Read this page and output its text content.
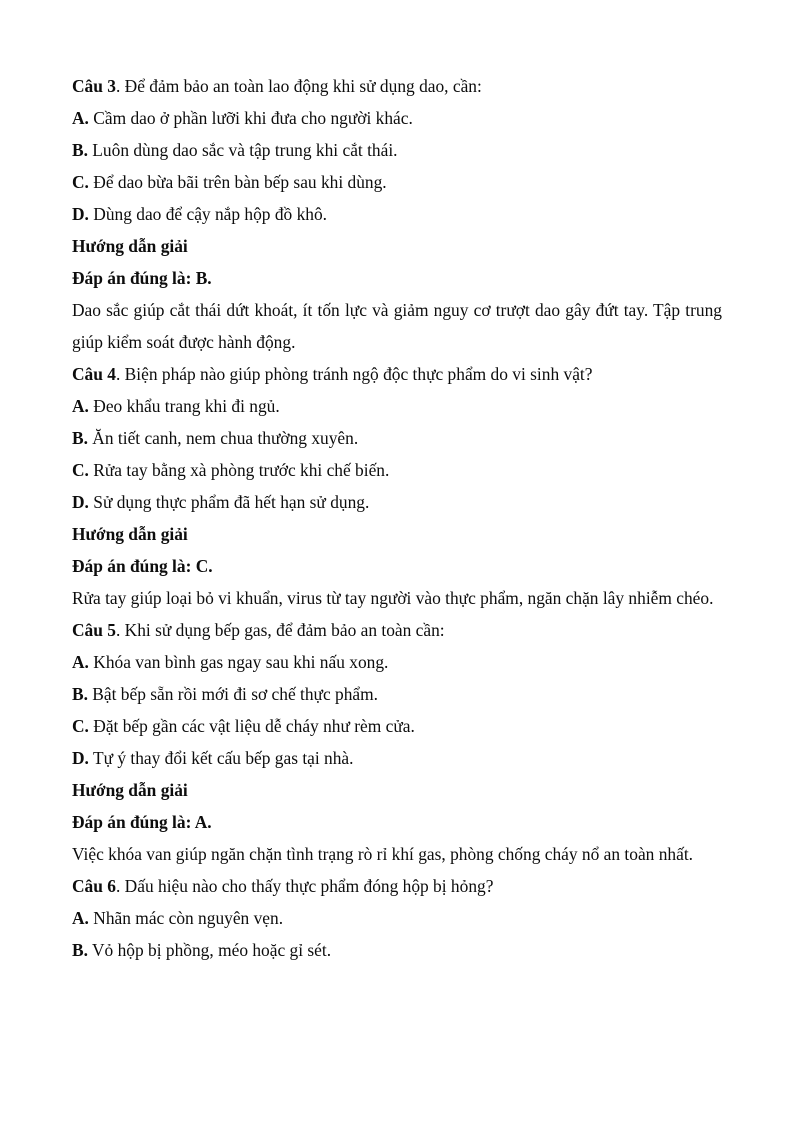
Câu 3. Để đảm bảo an toàn lao động khi sử dụng dao, cần:

A. Cầm dao ở phần lưỡi khi đưa cho người khác.

B. Luôn dùng dao sắc và tập trung khi cắt thái.

C. Để dao bừa bãi trên bàn bếp sau khi dùng.

D. Dùng dao để cậy nắp hộp đồ khô.

Hướng dẫn giải

Đáp án đúng là: B.

Dao sắc giúp cắt thái dứt khoát, ít tốn lực và giảm nguy cơ trượt dao gây đứt tay. Tập trung giúp kiểm soát được hành động.

Câu 4. Biện pháp nào giúp phòng tránh ngộ độc thực phẩm do vi sinh vật?

A. Đeo khẩu trang khi đi ngủ.

B. Ăn tiết canh, nem chua thường xuyên.

C. Rửa tay bằng xà phòng trước khi chế biến.

D. Sử dụng thực phẩm đã hết hạn sử dụng.

Hướng dẫn giải

Đáp án đúng là: C.

Rửa tay giúp loại bỏ vi khuẩn, virus từ tay người vào thực phẩm, ngăn chặn lây nhiễm chéo.

Câu 5. Khi sử dụng bếp gas, để đảm bảo an toàn cần:

A. Khóa van bình gas ngay sau khi nấu xong.

B. Bật bếp sẵn rồi mới đi sơ chế thực phẩm.

C. Đặt bếp gần các vật liệu dễ cháy như rèm cửa.

D. Tự ý thay đổi kết cấu bếp gas tại nhà.

Hướng dẫn giải

Đáp án đúng là: A.

Việc khóa van giúp ngăn chặn tình trạng rò rỉ khí gas, phòng chống cháy nổ an toàn nhất.

Câu 6. Dấu hiệu nào cho thấy thực phẩm đóng hộp bị hỏng?

A. Nhãn mác còn nguyên vẹn.

B. Vỏ hộp bị phồng, méo hoặc gỉ sét.
